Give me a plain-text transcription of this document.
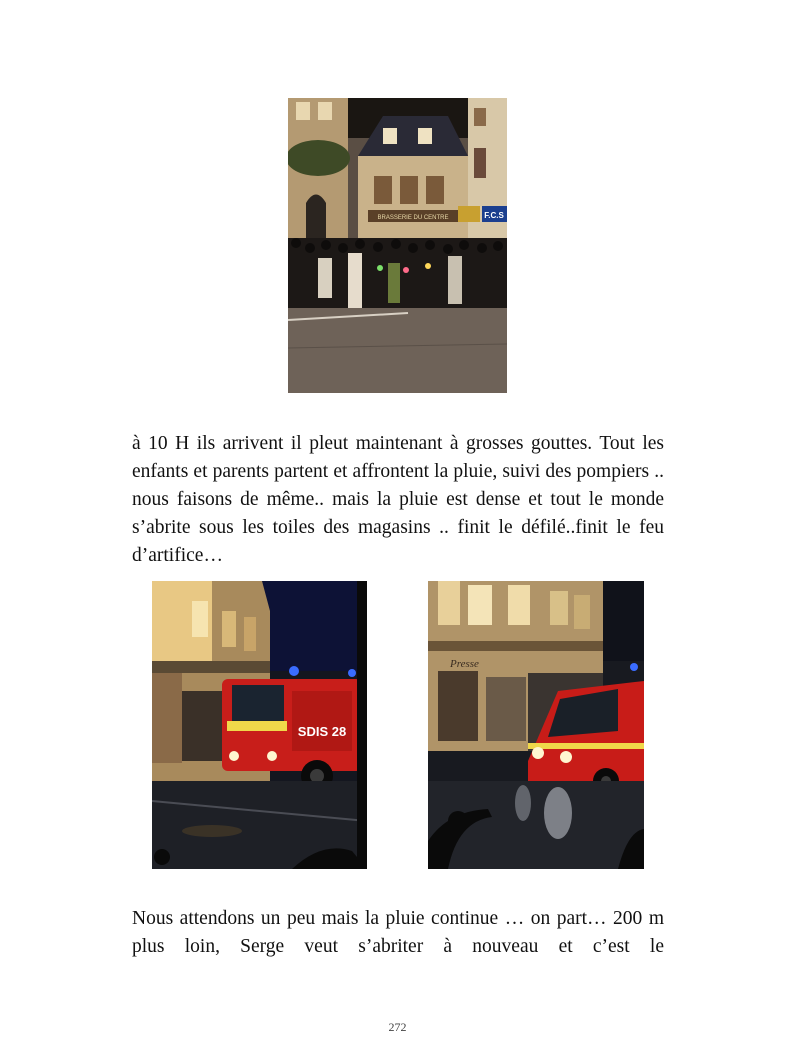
BRASSERIE DU CENTRE	F.C.S

à 10 H ils arrivent il pleut maintenant à grosses gouttes. Tout les enfants et parents partent et affrontent la pluie, suivi des pompiers .. nous faisons de même.. mais la pluie est dense et tout le monde s’abrite sous les toiles des magasins .. finit le défilé..finit le feu d’artifice…

SDIS 28
Presse

Nous attendons un peu mais la pluie continue … on part… 200 m plus loin, Serge veut s’abriter à nouveau et c’est le

272
